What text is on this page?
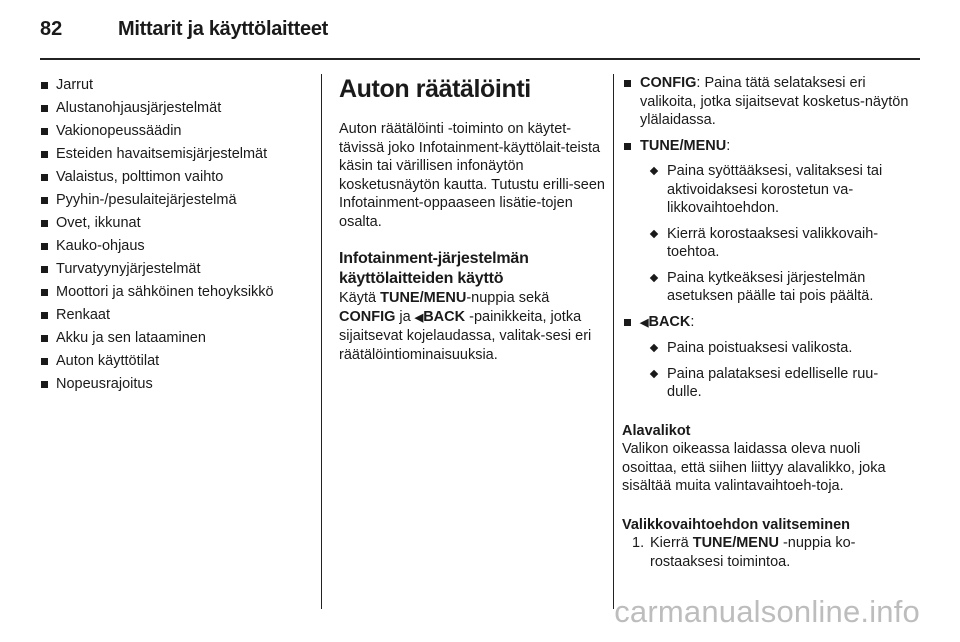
82	Mittarit ja käyttölaitteet
Jarrut
Alustanohjausjärjestelmät
Vakionopeussäädin
Esteiden havaitsemisjärjestelmät
Valaistus, polttimon vaihto
Pyyhin-/pesulaitejärjestelmä
Ovet, ikkunat
Kauko-ohjaus
Turvatyynyjärjestelmät
Moottori ja sähköinen tehoyksikkö
Renkaat
Akku ja sen lataaminen
Auton käyttötilat
Nopeusrajoitus
Auton räätälöinti

Auton räätälöinti -toiminto on käytet-tävissä joko Infotainment-käyttölait-teista käsin tai värillisen infonäytön kosketusnäytön kautta. Tutustu erilli-seen Infotainment-oppaaseen lisätie-tojen osalta.

Infotainment-järjestelmän käyttölaitteiden käyttö

Käytä TUNE/MENU-nuppia sekä CONFIG ja ◀BACK -painikkeita, jotka sijaitsevat kojelaudassa, valitak-sesi eri räätälöintiominaisuuksia.

CONFIG: Paina tätä selataksesi eri valikoita, jotka sijaitsevat kosketus-näytön ylälaidassa.
TUNE/MENU:
Paina syöttääksesi, valitaksesi tai aktivoidaksesi korostetun va-likkovaihtoehdon.
Kierrä korostaaksesi valikkovaih-toehtoa.
Paina kytkeäksesi järjestelmän asetuksen päälle tai pois päältä.
◀BACK:
Paina poistuaksesi valikosta.
Paina palataksesi edelliselle ruu-dulle.
Alavalikot

Valikon oikeassa laidassa oleva nuoli osoittaa, että siihen liittyy alavalikko, joka sisältää muita valintavaihtoeh-toja.

Valikkovaihtoehdon valitseminen
1. Kierrä TUNE/MENU -nuppia ko-rostaaksesi toimintoa.
carmanualsonline.info
